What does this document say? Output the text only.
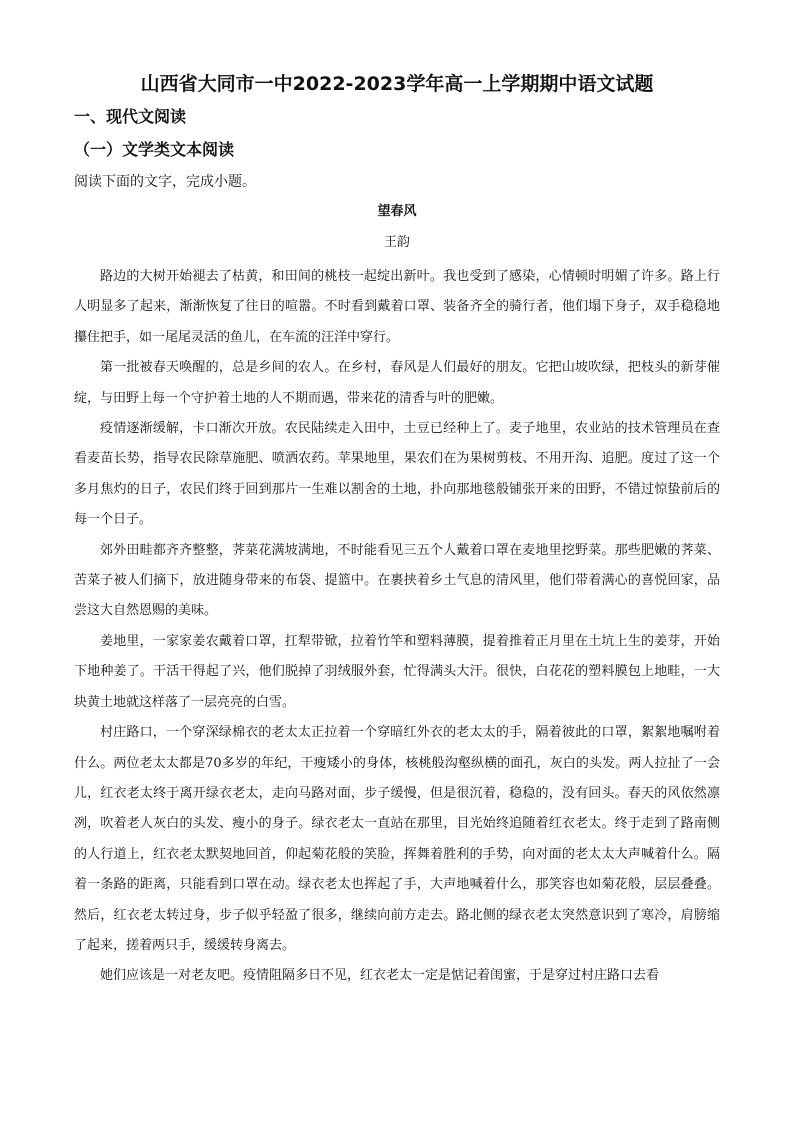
山西省大同市一中2022-2023学年高一上学期期中语文试题
一、现代文阅读
（一）文学类文本阅读

阅读下面的文字，完成小题。

望春风
王韵

路边的大树开始褪去了枯黄，和田间的桃枝一起绽出新叶。我也受到了感染，心情顿时明媚了许多。路上行人明显多了起来，渐渐恢复了往日的喧嚣。不时看到戴着口罩、装备齐全的骑行者，他们塌下身子，双手稳稳地攥住把手，如一尾尾灵活的鱼儿，在车流的汪洋中穿行。

第一批被春天唤醒的，总是乡间的农人。在乡村，春风是人们最好的朋友。它把山坡吹绿，把枝头的新芽催绽，与田野上每一个守护着土地的人不期而遇，带来花的清香与叶的肥嫩。

疫情逐渐缓解，卡口渐次开放。农民陆续走入田中，土豆已经种上了。麦子地里，农业站的技术管理员在查看麦苗长势，指导农民除草施肥、喷洒农药。苹果地里，果农们在为果树剪枝、不用开沟、追肥。度过了这一个多月焦灼的日子，农民们终于回到那片一生难以割舍的土地，扑向那地毯般铺张开来的田野，不错过惊蛰前后的每一个日子。

郊外田畦都齐齐整整，荠菜花满坡满地，不时能看见三五个人戴着口罩在麦地里挖野菜。那些肥嫩的荠菜、苦菜子被人们摘下，放进随身带来的布袋、提篮中。在裹挟着乡土气息的清风里，他们带着满心的喜悦回家，品尝这大自然恩赐的美味。

姜地里，一家家姜农戴着口罩，扛犁带锨，拉着竹竿和塑料薄膜，提着推着正月里在土坑上生的姜芽，开始下地种姜了。干活干得起了兴，他们脱掉了羽绒服外套，忙得满头大汗。很快，白花花的塑料膜包上地畦，一大块黄土地就这样落了一层亮亮的白雪。

村庄路口，一个穿深绿棉衣的老太太正拉着一个穿暗红外衣的老太太的手，隔着彼此的口罩，絮絮地嘱咐着什么。两位老太太都是70多岁的年纪，干瘦矮小的身体，核桃般沟壑纵横的面孔，灰白的头发。两人拉扯了一会儿，红衣老太终于离开绿衣老太，走向马路对面，步子缓慢，但是很沉着，稳稳的，没有回头。春天的风依然凛冽，吹着老人灰白的头发、瘦小的身子。绿衣老太一直站在那里，目光始终追随着红衣老太。终于走到了路南侧的人行道上，红衣老太默契地回首，仰起菊花般的笑脸，挥舞着胜利的手势，向对面的老太太大声喊着什么。隔着一条路的距离，只能看到口罩在动。绿衣老太也挥起了手，大声地喊着什么，那笑容也如菊花般，层层叠叠。然后，红衣老太转过身，步子似乎轻盈了很多，继续向前方走去。路北侧的绿衣老太突然意识到了寒冷，肩膀缩了起来，搓着两只手，缓缓转身离去。

她们应该是一对老友吧。疫情阻隔多日不见，红衣老太一定是惦记着闺蜜，于是穿过村庄路口去看
